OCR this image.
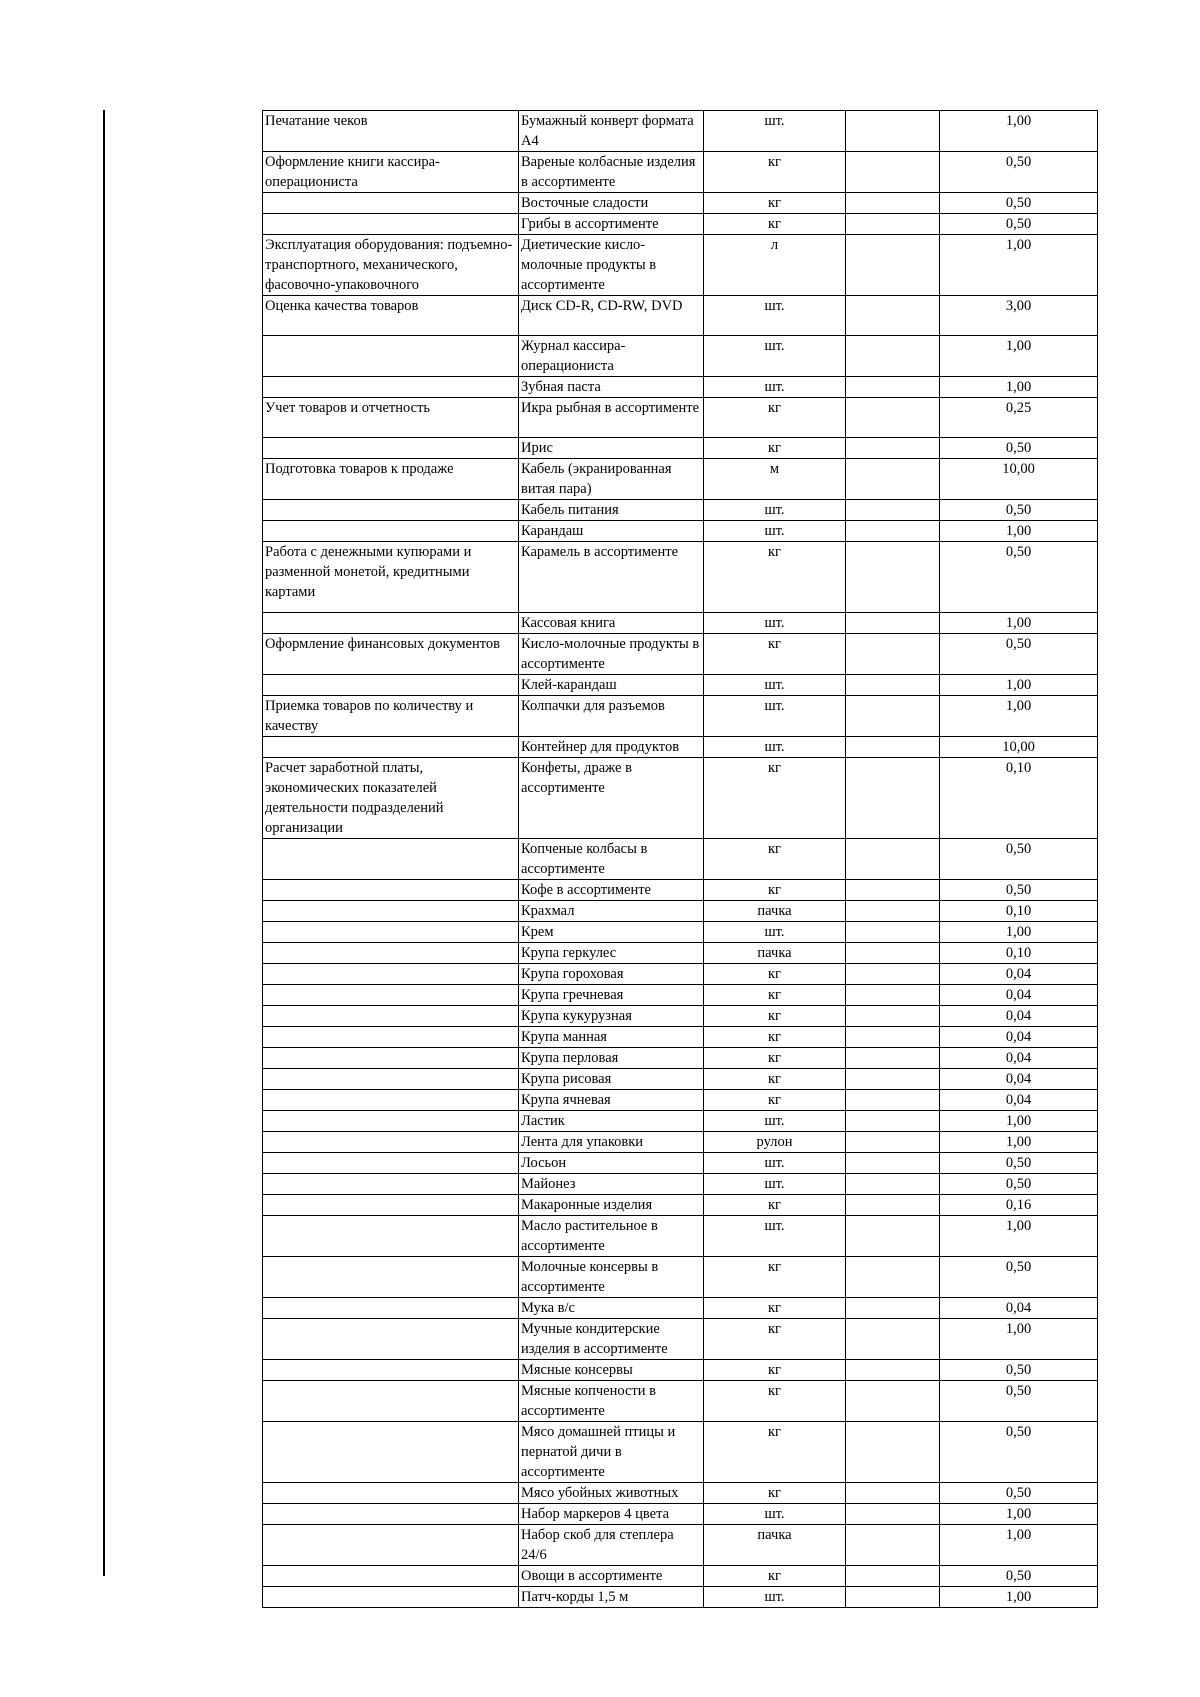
Печатание чеков	Бумажный конверт формата А4	шт.		1,00
Оформление книги кассира-операциониста	Вареные колбасные изделия в ассортименте	кг		0,50
	Восточные сладости	кг		0,50
	Грибы в ассортименте	кг		0,50

Эксплуатация оборудования: подъемно-транспортного, механического, фасовочно-упаковочного	Диетические кисло-молочные продукты в ассортименте	л		1,00
Оценка качества товаров	Диск CD-R, CD-RW, DVD	шт.		3,00
	Журнал кассира-операциониста	шт.		1,00
	Зубная паста	шт.		1,00
Учет товаров и отчетность	Икра рыбная в ассортименте	кг		0,25
	Ирис	кг		0,50
Подготовка товаров к продаже	Кабель (экранированная витая пара)	м		10,00
	Кабель питания	шт.		0,50
	Карандаш	шт.		1,00
Работа с денежными купюрами и разменной монетой, кредитными картами	Карамель в ассортименте	кг		0,50
	Кассовая книга	шт.		1,00
Оформление финансовых документов	Кисло-молочные продукты в ассортименте	кг		0,50
	Клей-карандаш	шт.		1,00
Приемка товаров по количеству и качеству	Колпачки для разъемов	шт.		1,00
	Контейнер для продуктов	шт.		10,00
Расчет заработной платы, экономических показателей деятельности подразделений организации	Конфеты, драже в ассортименте	кг		0,10
	Копченые колбасы в ассортименте	кг		0,50
	Кофе в ассортименте	кг		0,50
	Крахмал	пачка		0,10
	Крем	шт.		1,00
	Крупа геркулес	пачка		0,10
	Крупа гороховая	кг		0,04
	Крупа гречневая	кг		0,04
	Крупа кукурузная	кг		0,04
	Крупа манная	кг		0,04
	Крупа перловая	кг		0,04
	Крупа рисовая	кг		0,04
	Крупа ячневая	кг		0,04
	Ластик	шт.		1,00
	Лента для упаковки	рулон		1,00
	Лосьон	шт.		0,50
	Майонез	шт.		0,50
	Макаронные изделия	кг		0,16
	Масло растительное в ассортименте	шт.		1,00
	Молочные консервы в ассортименте	кг		0,50
	Мука в/с	кг		0,04
	Мучные кондитерские изделия в ассортименте	кг		1,00
	Мясные консервы	кг		0,50
	Мясные копчености в ассортименте	кг		0,50

	Мясо домашней птицы и пернатой дичи в ассортименте	кг		0,50
	Мясо убойных животных	кг		0,50
	Набор маркеров 4 цвета	шт.		1,00
	Набор скоб для степлера 24/6	пачка		1,00
	Овощи в ассортименте	кг		0,50
	Патч-корды 1,5 м	шт.		1,00
